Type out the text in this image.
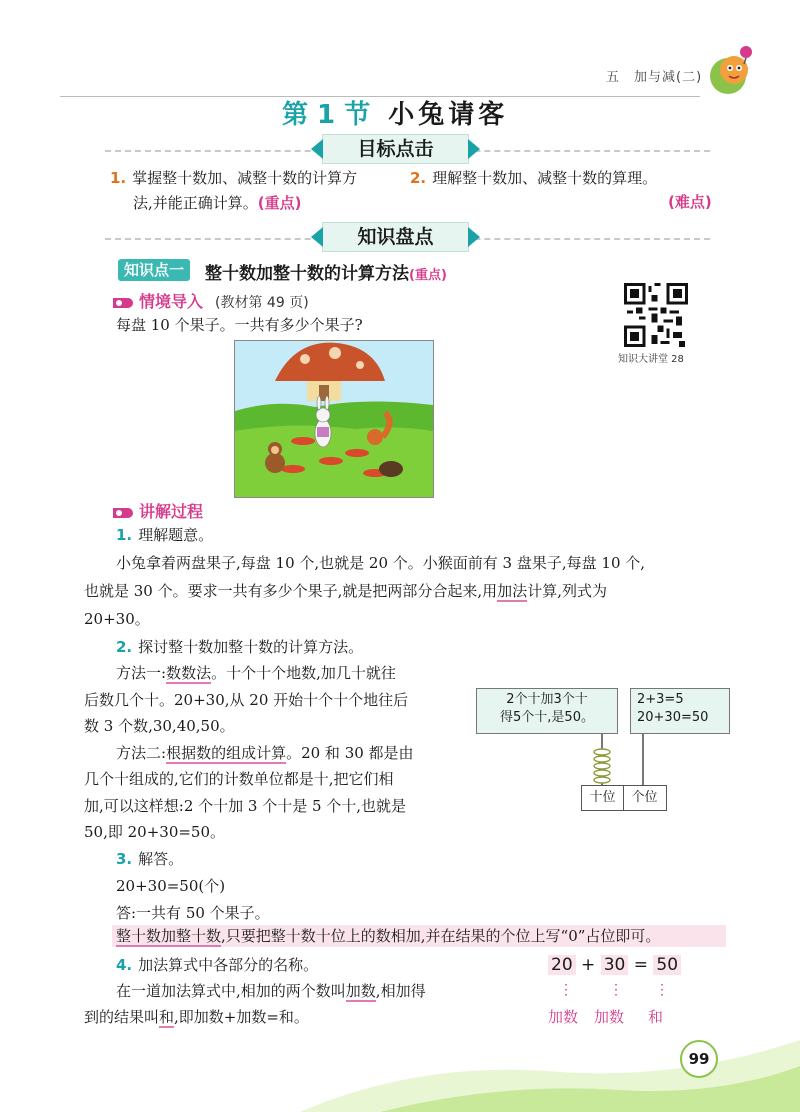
五　加与减(二)
第 1 节 小兔请客
目标点击
1. 掌握整十数加、减整十数的计算方
法,并能正确计算。(重点)
2. 理解整十数加、减整十数的算理。
(难点)
知识盘点
知识点一	整十数加整十数的计算方法(重点)
知识大讲堂 28
情境导入 (教材第 49 页)
每盘 10 个果子。一共有多少个果子?
讲解过程
1. 理解题意。
小兔拿着两盘果子,每盘 10 个,也就是 20 个。小猴面前有 3 盘果子,每盘 10 个,
也就是 30 个。要求一共有多少个果子,就是把两部分合起来,用加法计算,列式为
20+30。
2. 探讨整十数加整十数的计算方法。
方法一:数数法。十个十个地数,加几十就往
后数几个十。20+30,从 20 开始十个十个地往后
数 3 个数,30,40,50。
方法二:根据数的组成计算。20 和 30 都是由
几个十组成的,它们的计数单位都是十,把它们相
加,可以这样想:2 个十加 3 个十是 5 个十,也就是
50,即 20+30=50。
2个十加3个十
得5个十,是50。
2+3=5
20+30=50
十位 个位
3. 解答。
20+30=50(个)
答:一共有 50 个果子。
整十数加整十数,只要把整十数十位上的数相加,并在结果的个位上写“0”占位即可。
4. 加法算式中各部分的名称。
在一道加法算式中,相加的两个数叫加数,相加得
到的结果叫和,即加数+加数=和。
20 + 30 = 50
⋮	⋮ ⋮
加数 加数 和
99
